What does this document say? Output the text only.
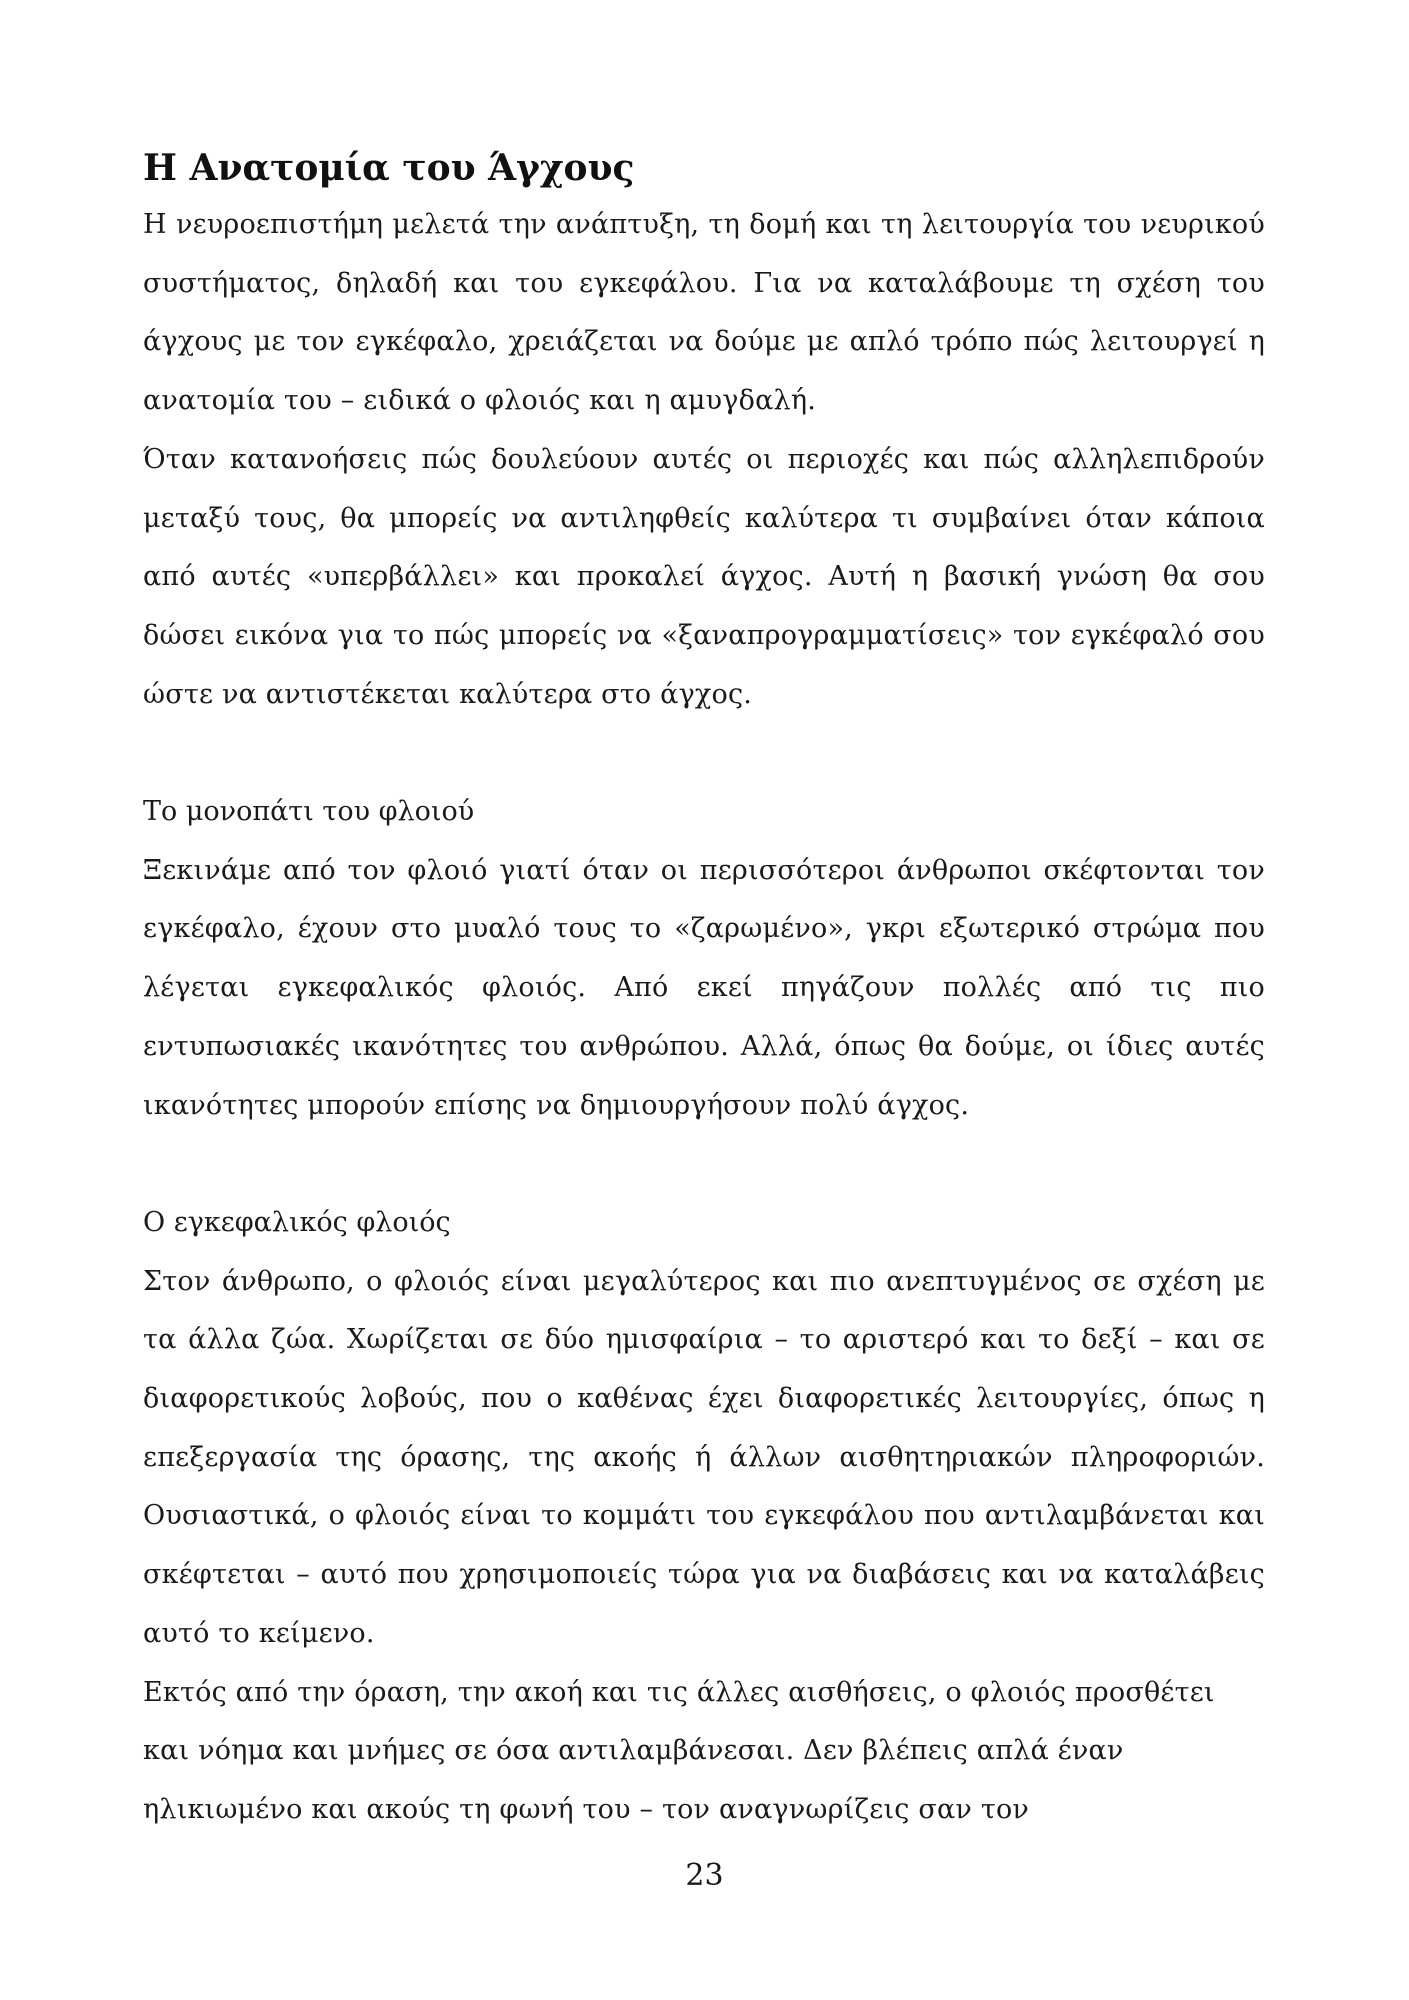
Η Ανατομία του Άγχους

Η νευροεπιστήμη μελετά την ανάπτυξη, τη δομή και τη λειτουργία του νευρικού συστήματος, δηλαδή και του εγκεφάλου. Για να καταλάβουμε τη σχέση του άγχους με τον εγκέφαλο, χρειάζεται να δούμε με απλό τρόπο πώς λειτουργεί η ανατομία του – ειδικά ο φλοιός και η αμυγδαλή.

Όταν κατανοήσεις πώς δουλεύουν αυτές οι περιοχές και πώς αλληλεπιδρούν μεταξύ τους, θα μπορείς να αντιληφθείς καλύτερα τι συμβαίνει όταν κάποια από αυτές «υπερβάλλει» και προκαλεί άγχος. Αυτή η βασική γνώση θα σου δώσει εικόνα για το πώς μπορείς να «ξαναπρογραμματίσεις» τον εγκέφαλό σου ώστε να αντιστέκεται καλύτερα στο άγχος.

Το μονοπάτι του φλοιού

Ξεκινάμε από τον φλοιό γιατί όταν οι περισσότεροι άνθρωποι σκέφτονται τον εγκέφαλο, έχουν στο μυαλό τους το «ζαρωμένο», γκρι εξωτερικό στρώμα που λέγεται εγκεφαλικός φλοιός. Από εκεί πηγάζουν πολλές από τις πιο εντυπωσιακές ικανότητες του ανθρώπου. Αλλά, όπως θα δούμε, οι ίδιες αυτές ικανότητες μπορούν επίσης να δημιουργήσουν πολύ άγχος.

Ο εγκεφαλικός φλοιός

Στον άνθρωπο, ο φλοιός είναι μεγαλύτερος και πιο ανεπτυγμένος σε σχέση με τα άλλα ζώα. Χωρίζεται σε δύο ημισφαίρια – το αριστερό και το δεξί – και σε διαφορετικούς λοβούς, που ο καθένας έχει διαφορετικές λειτουργίες, όπως η επεξεργασία της όρασης, της ακοής ή άλλων αισθητηριακών πληροφοριών. Ουσιαστικά, ο φλοιός είναι το κομμάτι του εγκεφάλου που αντιλαμβάνεται και σκέφτεται – αυτό που χρησιμοποιείς τώρα για να διαβάσεις και να καταλάβεις αυτό το κείμενο.

Εκτός από την όραση, την ακοή και τις άλλες αισθήσεις, ο φλοιός προσθέτει και νόημα και μνήμες σε όσα αντιλαμβάνεσαι. Δεν βλέπεις απλά έναν ηλικιωμένο και ακούς τη φωνή του – τον αναγνωρίζεις σαν τον

23
